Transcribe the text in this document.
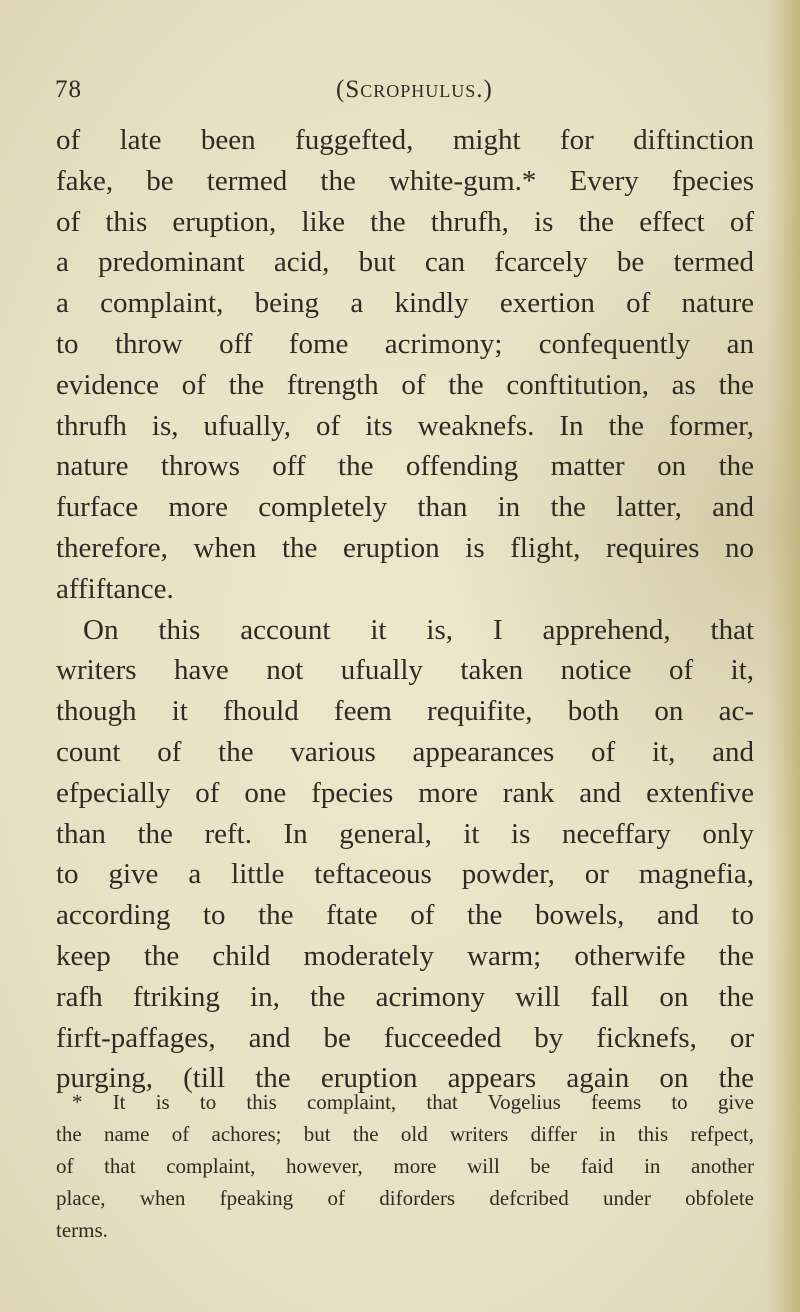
78	(Scrophulus.)
of late been fuggefted, might for diftinction
fake, be termed the white-gum.* Every fpecies
of this eruption, like the thrufh, is the effect of
a predominant acid, but can fcarcely be termed
a complaint, being a kindly exertion of nature
to throw off fome acrimony; confequently an
evidence of the ftrength of the conftitution, as the
thrufh is, ufually, of its weaknefs. In the former,
nature throws off the offending matter on the
furface more completely than in the latter, and
therefore, when the eruption is flight, requires no
affiftance.
On this account it is, I apprehend, that
writers have not ufually taken notice of it,
though it fhould feem requifite, both on ac-
count of the various appearances of it, and
efpecially of one fpecies more rank and extenfive
than the reft. In general, it is neceffary only
to give a little teftaceous powder, or magnefia,
according to the ftate of the bowels, and to
keep the child moderately warm; otherwife the
rafh ftriking in, the acrimony will fall on the
firft-paffages, and be fucceeded by ficknefs, or
purging, (till the eruption appears again on the
* It is to this complaint, that Vogelius feems to give
the name of achores; but the old writers differ in this refpect,
of that complaint, however, more will be faid in another
place, when fpeaking of diforders defcribed under obfolete
terms.
